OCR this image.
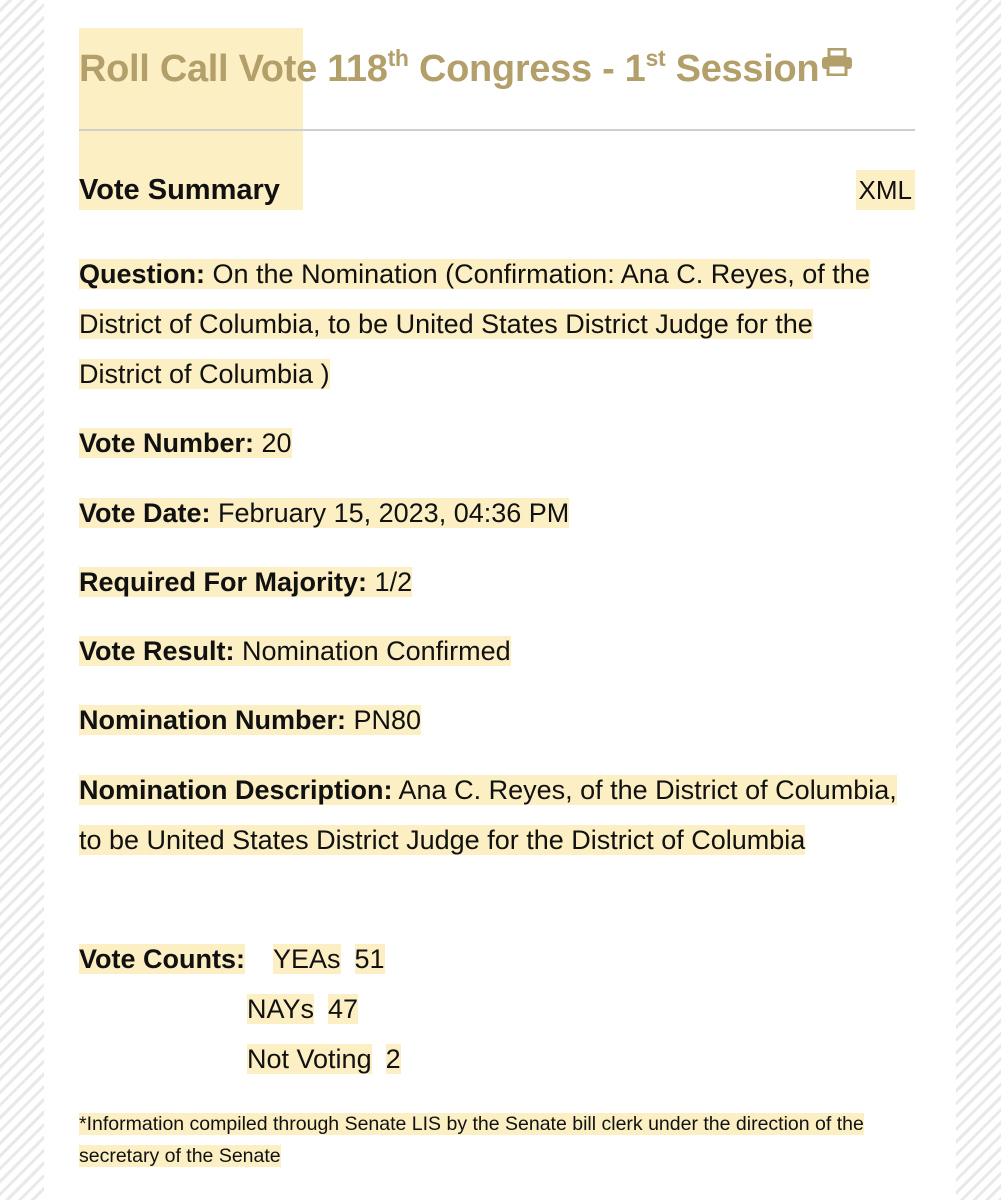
Roll Call Vote 118th Congress - 1st Session
Vote Summary	XML
Question: On the Nomination (Confirmation: Ana C. Reyes, of the District of Columbia, to be United States District Judge for the District of Columbia )
Vote Number: 20
Vote Date: February 15, 2023, 04:36 PM
Required For Majority: 1/2
Vote Result: Nomination Confirmed
Nomination Number: PN80
Nomination Description: Ana C. Reyes, of the District of Columbia, to be United States District Judge for the District of Columbia
Vote Counts: YEAs 51
NAYs 47
Not Voting 2
*Information compiled through Senate LIS by the Senate bill clerk under the direction of the secretary of the Senate
